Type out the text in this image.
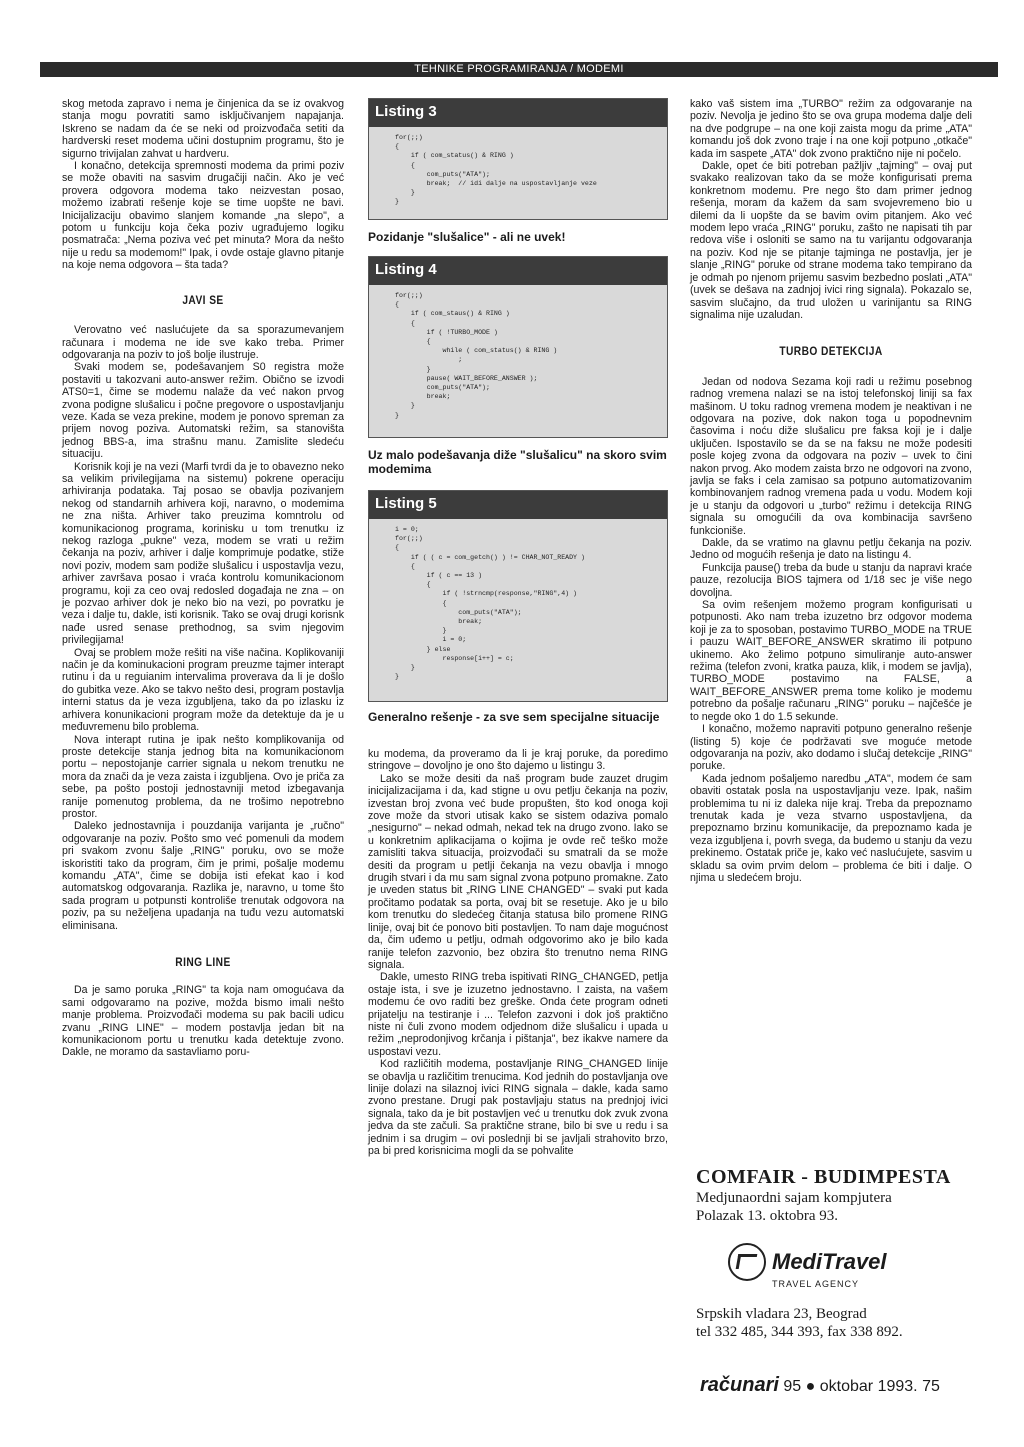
TEHNIKE PROGRAMIRANJA / MODEMI

skog metoda zapravo i nema je činjenica da se iz ovakvog stanja mogu povratiti samo isključivanjem napajanja. Iskreno se nadam da će se neki od proizvođača setiti da hardverski reset modema učini dostupnim programu, što je sigurno trivijalan zahvat u hardveru.

I konačno, detekcija spremnosti modema da primi poziv se može obaviti na sasvim drugačiji način. Ako je već provera odgovora modema tako neizvestan posao, možemo izabrati rešenje koje se time uopšte ne bavi. Inicijalizaciju obavimo slanjem komande „na slepo", a potom u funkciju koja čeka poziv ugrađujemo logiku posmatrača: „Nema poziva već pet minuta? Mora da nešto nije u redu sa modemom!" Ipak, i ovde ostaje glavno pitanje na koje nema odgovora – šta tada?

JAVI SE

Verovatno već naslućujete da sa sporazumevanjem računara i modema ne ide sve kako treba. Primer odgovaranja na poziv to još bolje ilustruje.

Svaki modem se, podešavanjem S0 registra može postaviti u takozvani auto-answer režim. Obično se izvodi ATS0=1, čime se modemu nalaže da već nakon prvog zvona podigne slušalicu i počne pregovore o uspostavljanju veze. Kada se veza prekine, modem je ponovo spreman za prijem novog poziva. Automatski režim, sa stanovišta jednog BBS-a, ima strašnu manu. Zamislite sledeću situaciju.

Korisnik koji je na vezi (Marfi tvrdi da je to obavezno neko sa velikim privilegijama na sistemu) pokrene operaciju arhiviranja podataka. Taj posao se obavlja pozivanjem nekog od standarnih arhivera koji, naravno, o modemima ne zna ništa. Arhiver tako preuzima komntrolu od komunikacionog programa, korinisku u tom trenutku iz nekog razloga „pukne" veza, modem se vrati u režim čekanja na poziv, arhiver i dalje komprimuje podatke, stiže novi poziv, modem sam podiže slušalicu i uspostavlja vezu, arhiver završava posao i vraća kontrolu komunikacionom programu, koji za ceo ovaj redosled događaja ne zna – on je pozvao arhiver dok je neko bio na vezi, po povratku je veza i dalje tu, dakle, isti korisnik. Tako se ovaj drugi korisnk nađe usred senase prethodnog, sa svim njegovim privilegijama!

Ovaj se problem može rešiti na više načina. Koplikovaniji način je da kominukacioni program preuzme tajmer interapt rutinu i da u reguianim intervalima proverava da li je došlo do gubitka veze. Ako se takvo nešto desi, program postavlja interni status da je veza izgubljena, tako da po izlasku iz arhivera konunikacioni program može da detektuje da je u međuvremenu bilo problema.

Nova interapt rutina je ipak nešto komplikovanija od proste detekcije stanja jednog bita na komunikacionom portu – nepostojanje carrier signala u nekom trenutku ne mora da znači da je veza zaista i izgubljena. Ovo je priča za sebe, pa pošto postoji jednostavniji metod izbegavanja ranije pomenutog problema, da ne trošimo nepotrebno prostor.

Daleko jednostavnija i pouzdanija varijanta je „ručno" odgovaranje na poziv. Pošto smo već pomenuli da modem pri svakom zvonu šalje „RING" poruku, ovo se može iskoristiti tako da program, čim je primi, pošalje modemu komandu „ATA", čime se dobija isti efekat kao i kod automatskog odgovaranja. Razlika je, naravno, u tome što sada program u potpunsti kontroliše trenutak odgovora na poziv, pa su neželjena upadanja na tuđu vezu automatski eliminisana.

RING LINE

Da je samo poruka „RING" ta koja nam omogućava da sami odgovaramo na pozive, možda bismo imali nešto manje problema. Proizvođači modema su pak bacili udicu zvanu „RING LINE" – modem postavlja jedan bit na komunikacionom portu u trenutku kada detektuje zvono. Dakle, ne moramo da sastavliamo poru-

Listing 3
for(;;)
{
if ( com_status() & RING )
{
com_puts("ATA");
break;  // idi dalje na uspostavljanje veze
}
}
Pozidanje "slušalice" - ali ne uvek!
Listing 4
for(;;)
{
if ( com_staus() & RING )
{
if ( !TURBO_MODE )
{
while ( com_status() & RING )
;
}
pause( WAIT_BEFORE_ANSWER );
com_puts("ATA");
break;
}
}
Uz malo podešavanja diže "slušalicu" na skoro svim modemima
Listing 5
i = 0;
for(;;)
{
if ( ( c = com_getch() ) != CHAR_NOT_READY )
{
if ( c == 13 )
{
if ( !strncmp(response,"RING",4) )
{
com_puts("ATA");
break;
}
i = 0;
} else
response[i++] = c;
}
}
Generalno rešenje - za sve sem specijalne situacije

ku modema, da proveramo da li je kraj poruke, da poredimo stringove – dovoljno je ono što dajemo u listingu 3.

Lako se može desiti da naš program bude zauzet drugim inicijalizacijama i da, kad stigne u ovu petlju čekanja na poziv, izvestan broj zvona već bude propušten, što kod onoga koji zove može da stvori utisak kako se sistem odaziva pomalo „nesigurno" – nekad odmah, nekad tek na drugo zvono. Iako se u konkretnim aplikacijama o kojima je ovde reč teško može zamisliti takva situacija, proizvođači su smatrali da se može desiti da program u petlji čekanja na vezu obavlja i mnogo drugih stvari i da mu sam signal zvona potpuno promakne. Zato je uveden status bit „RING LINE CHANGED" – svaki put kada pročitamo podatak sa porta, ovaj bit se resetuje. Ako je u bilo kom trenutku do sledećeg čitanja statusa bilo promene RING linije, ovaj bit će ponovo biti postavljen. To nam daje mogućnost da, čim uđemo u petlju, odmah odgovorimo ako je bilo kada ranije telefon zazvonio, bez obzira što trenutno nema RING signala.

Dakle, umesto RING treba ispitivati RING_CHANGED, petlja ostaje ista, i sve je izuzetno jednostavno. I zaista, na vašem modemu će ovo raditi bez greške. Onda ćete program odneti prijatelju na testiranje i ... Telefon zazvoni i dok još praktično niste ni čuli zvono modem odjednom diže slušalicu i upada u režim „neprodonjivog krčanja i pištanja", bez ikakve namere da uspostavi vezu.

Kod različitih modema, postavljanje RING_CHANGED linije se obavlja u različitim trenucima. Kod jednih do postavljanja ove linije dolazi na silaznoj ivici RING signala – dakle, kada samo zvono prestane. Drugi pak postavljaju status na prednjoj ivici signala, tako da je bit postavljen već u trenutku dok zvuk zvona jedva da ste začuli. Sa praktične strane, bilo bi sve u redu i sa jednim i sa drugim – ovi poslednji bi se javljali strahovito brzo, pa bi pred korisnicima mogli da se pohvalite

kako vaš sistem ima „TURBO" režim za odgovaranje na poziv. Nevolja je jedino što se ova grupa modema dalje deli na dve podgrupe – na one koji zaista mogu da prime „ATA" komandu još dok zvono traje i na one koji potpuno „otkače" kada im saspete „ATA" dok zvono praktično nije ni počelo.

Dakle, opet će biti potreban pažljiv „tajming" – ovaj put svakako realizovan tako da se može konfigurisati prema konkretnom modemu. Pre nego što dam primer jednog rešenja, moram da kažem da sam svojevremeno bio u dilemi da li uopšte da se bavim ovim pitanjem. Ako već modem lepo vraća „RING" poruku, zašto ne napisati tih par redova više i osloniti se samo na tu varijantu odgovaranja na poziv. Kod nje se pitanje tajminga ne postavlja, jer je slanje „RING" poruke od strane modema tako tempirano da je odmah po njenom prijemu sasvim bezbedno poslati „ATA" (uvek se dešava na zadnjoj ivici ring signala). Pokazalo se, sasvim slučajno, da trud uložen u varinijantu sa RING signalima nije uzaludan.

TURBO DETEKCIJA

Jedan od nodova Sezama koji radi u režimu posebnog radnog vremena nalazi se na istoj telefonskoj liniji sa fax mašinom. U toku radnog vremena modem je neaktivan i ne odgovara na pozive, dok nakon toga u popodnevnim časovima i noću diže slušalicu pre faksa koji je i dalje uključen. Ispostavilo se da se na faksu ne može podesiti posle kojeg zvona da odgovara na poziv – uvek to čini nakon prvog. Ako modem zaista brzo ne odgovori na zvono, javlja se faks i cela zamisao sa potpuno automatizovanim kombinovanjem radnog vremena pada u vodu. Modem koji je u stanju da odgovori u „turbo" režimu i detekcija RING signala su omogućili da ova kombinacija savršeno funkcioniše.

Dakle, da se vratimo na glavnu petlju čekanja na poziv. Jedno od mogućih rešenja je dato na listingu 4.

Funkcija pause() treba da bude u stanju da napravi kraće pauze, rezolucija BIOS tajmera od 1/18 sec je više nego dovoljna.

Sa ovim rešenjem možemo program konfigurisati u potpunosti. Ako nam treba izuzetno brz odgovor modema koji je za to sposoban, postavimo TURBO_MODE na TRUE i pauzu WAIT_BEFORE_ANSWER skratimo ili potpuno ukinemo. Ako želimo potpuno simuliranje auto-answer režima (telefon zvoni, kratka pauza, klik, i modem se javlja), TURBO_MODE postavimo na FALSE, a WAIT_BEFORE_ANSWER prema tome koliko je modemu potrebno da pošalje računaru „RING" poruku – najčešće je to negde oko 1 do 1.5 sekunde.

I konačno, možemo napraviti potpuno generalno rešenje (listing 5) koje će podržavati sve moguće metode odgovaranja na poziv, ako dodamo i slučaj detekcije „RING" poruke.

Kada jednom pošaljemo naredbu „ATA", modem će sam obaviti ostatak posla na uspostavljanju veze. Ipak, našim problemima tu ni iz daleka nije kraj. Treba da prepoznamo trenutak kada je veza stvarno uspostavljena, da prepoznamo brzinu komunikacije, da prepoznamo kada je veza izgubljena i, povrh svega, da budemo u stanju da vezu prekinemo. Ostatak priče je, kako već naslućujete, sasvim u skladu sa ovim prvim delom – problema će biti i dalje. O njima u sledećem broju.

COMFAIR - BUDIMPESTA
Medjunaordni sajam kompjutera
Polazak 13. oktobra 93.
MediTravel
TRAVEL AGENCY
Srpskih vladara 23, Beograd
tel 332 485, 344 393, fax 338 892.
računari 95 ● oktobar 1993. 75
